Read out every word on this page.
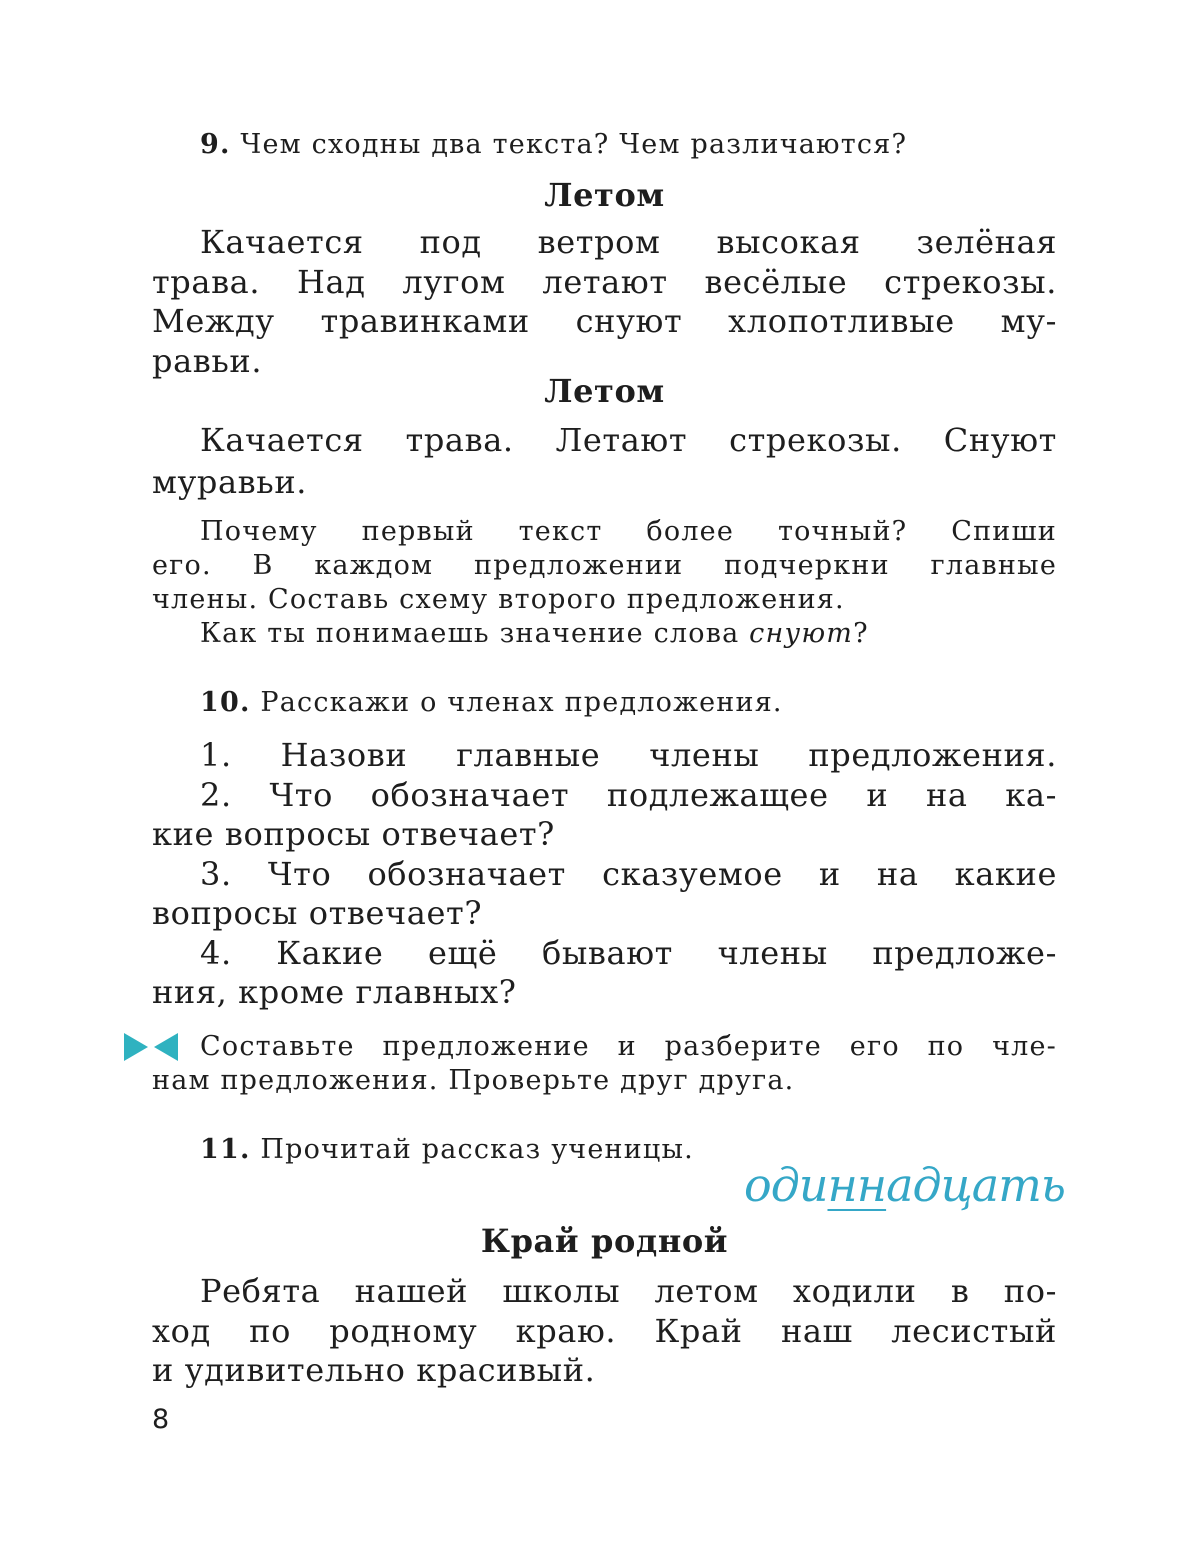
9. Чем сходны два текста? Чем различаются?
Летом
Качается под ветром высокая зелёная
трава. Над лугом летают весёлые стрекозы.
Между травинками снуют хлопотливые му-
равьи.
Летом
Качается трава. Летают стрекозы. Снуют
муравьи.
Почему первый текст более точный? Спиши
его. В каждом предложении подчеркни главные
члены. Составь схему второго предложения.
Как ты понимаешь значение слова снуют?
10. Расскажи о членах предложения.
1. Назови главные члены предложения.
2. Что обозначает подлежащее и на ка-
кие вопросы отвечает?
3. Что обозначает сказуемое и на какие
вопросы отвечает?
4. Какие ещё бывают члены предложе-
ния, кроме главных?
Составьте предложение и разберите его по чле-
нам предложения. Проверьте друг друга.
11. Прочитай рассказ ученицы.
одиннадцать
Край родной
Ребята нашей школы летом ходили в по-
ход по родному краю. Край наш лесистый
и удивительно красивый.
8
